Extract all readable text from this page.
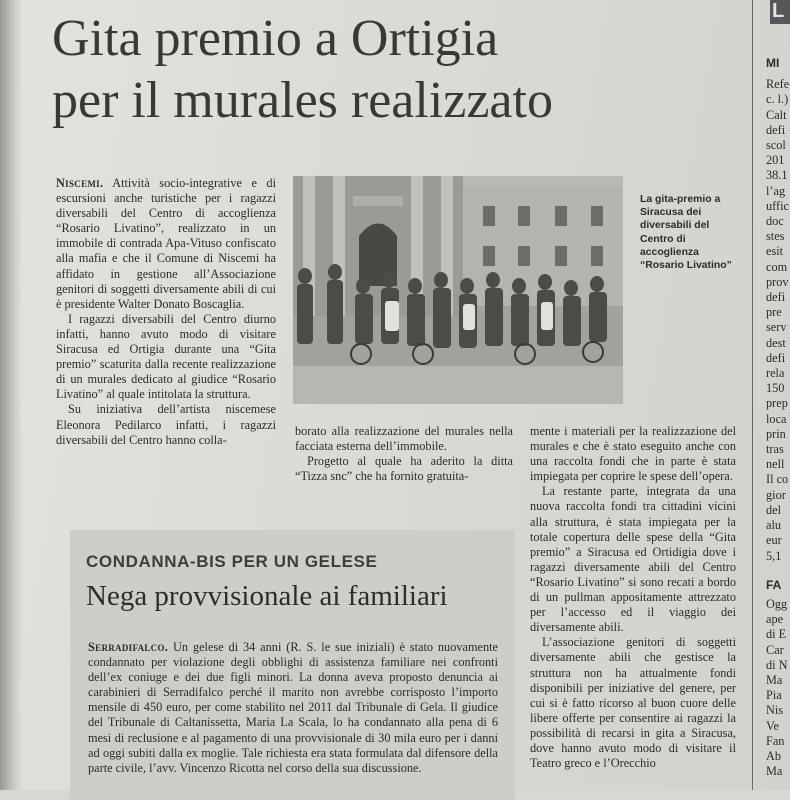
Gita premio a Ortigia
per il murales realizzato

Niscemi. Attività socio-integrative e di escursioni anche turistiche per i ragazzi diversabili del Centro di accoglienza “Rosario Livatino”, realizzato in un immobile di contrada Apa-Vituso confiscato alla mafia e che il Comune di Niscemi ha affidato in gestione all’Associazione genitori di soggetti diversamente abili di cui è presidente Walter Donato Boscaglia.

I ragazzi diversabili del Centro diurno infatti, hanno avuto modo di visitare Siracusa ed Ortigia durante una “Gita premio” scaturita dalla recente realizzazione di un murales dedicato al giudice “Rosario Livatino” al quale intitolata la struttura.

Su iniziativa dell’artista niscemese Eleonora Pedilarco infatti, i ragazzi diversabili del Centro hanno colla-

La gita-premio a Siracusa dei diversabili del Centro di accoglienza “Rosario Livatino”

borato alla realizzazione del murales nella facciata esterna dell’immobile.

Progetto al quale ha aderito la ditta “Tizza snc” che ha fornito gratuita-

mente i materiali per la realizzazione del murales e che è stato eseguito anche con una raccolta fondi che in parte è stata impiegata per coprire le spese dell’opera.

La restante parte, integrata da una nuova raccolta fondi tra cittadini vicini alla struttura, è stata impiegata per la totale copertura delle spese della “Gita premio” a Siracusa ed Ortidigia dove i ragazzi diversamente abili del Centro “Rosario Livatino” si sono recati a bordo di un pullman appositamente attrezzato per l’accesso ed il viaggio dei diversamente abili.

L’associazione genitori di soggetti diversamente abili che gestisce la struttura non ha attualmente fondi disponibili per iniziative del genere, per cui si è fatto ricorso al buon cuore delle libere offerte per consentire ai ragazzi la possibilità di recarsi in gita a Siracusa, dove hanno avuto modo di visitare il Teatro greco e l’Orecchio

CONDANNA-BIS PER UN GELESE

Nega provvisionale ai familiari

Serradifalco. Un gelese di 34 anni (R. S. le sue iniziali) è stato nuovamente condannato per violazione degli obblighi di assistenza familiare nei confronti dell’ex coniuge e dei due figli minori. La donna aveva proposto denuncia ai carabinieri di Serradifalco perché il marito non avrebbe corrisposto l’importo mensile di 450 euro, per come stabilito nel 2011 dal Tribunale di Gela. Il giudice del Tribunale di Caltanissetta, Maria La Scala, lo ha condannato alla pena di 6 mesi di reclusione e al pagamento di una provvisionale di 30 mila euro per i danni ad oggi subiti dalla ex moglie. Tale richiesta era stata formulata dal difensore della parte civile, l’avv. Vincenzo Ricotta nel corso della sua discussione.

L
MI
Refe
c. l.)
Calt
defi
scol
201
38.1
l’ag
uffic
doc
stes
esit
com
prov
defi
pre
serv
dest
defi
rela
150
prep
loca
prin
tras
nell
Il co
gior
del
alu
eur
5,1
FA
Ogg
ape
di E
Car
di N
Ma
Pia
Nis
Ve
Fan
Ab
Ma
